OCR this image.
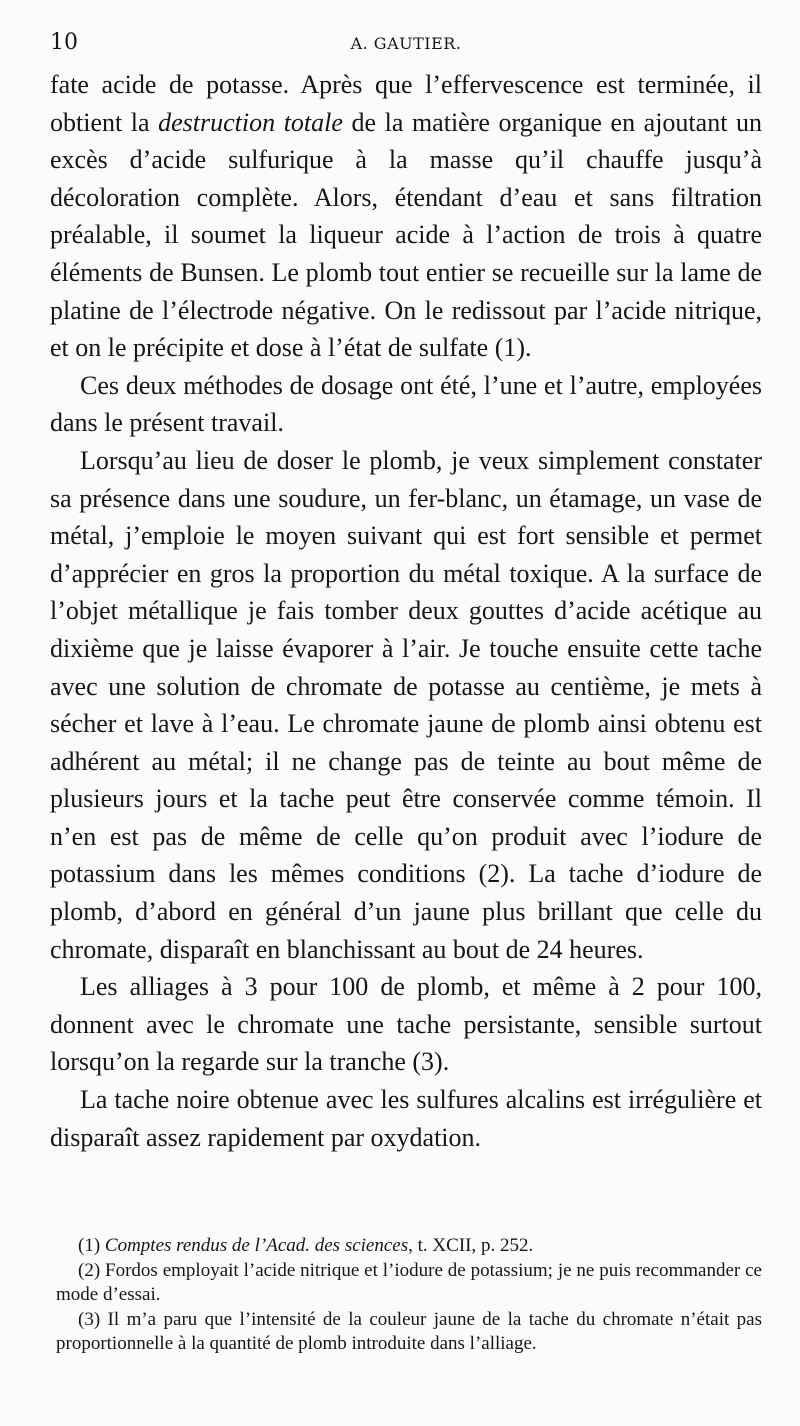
10	A. GAUTIER.

fate acide de potasse. Après que l’effervescence est terminée, il obtient la destruction totale de la matière organique en ajoutant un excès d’acide sulfurique à la masse qu’il chauffe jusqu’à décoloration complète. Alors, étendant d’eau et sans filtration préalable, il soumet la liqueur acide à l’action de trois à quatre éléments de Bunsen. Le plomb tout entier se recueille sur la lame de platine de l’électrode négative. On le redissout par l’acide nitrique, et on le précipite et dose à l’état de sulfate (1).

Ces deux méthodes de dosage ont été, l’une et l’autre, employées dans le présent travail.

Lorsqu’au lieu de doser le plomb, je veux simplement constater sa présence dans une soudure, un fer-blanc, un étamage, un vase de métal, j’emploie le moyen suivant qui est fort sensible et permet d’apprécier en gros la proportion du métal toxique. A la surface de l’objet métallique je fais tomber deux gouttes d’acide acétique au dixième que je laisse évaporer à l’air. Je touche ensuite cette tache avec une solution de chromate de potasse au centième, je mets à sécher et lave à l’eau. Le chromate jaune de plomb ainsi obtenu est adhérent au métal; il ne change pas de teinte au bout même de plusieurs jours et la tache peut être conservée comme témoin. Il n’en est pas de même de celle qu’on produit avec l’iodure de potassium dans les mêmes conditions (2). La tache d’iodure de plomb, d’abord en général d’un jaune plus brillant que celle du chromate, disparaît en blanchissant au bout de 24 heures.

Les alliages à 3 pour 100 de plomb, et même à 2 pour 100, donnent avec le chromate une tache persistante, sensible surtout lorsqu’on la regarde sur la tranche (3).

La tache noire obtenue avec les sulfures alcalins est irrégulière et disparaît assez rapidement par oxydation.

(1) Comptes rendus de l’Acad. des sciences, t. XCII, p. 252.

(2) Fordos employait l’acide nitrique et l’iodure de potassium; je ne puis recommander ce mode d’essai.

(3) Il m’a paru que l’intensité de la couleur jaune de la tache du chromate n’était pas proportionnelle à la quantité de plomb introduite dans l’alliage.
